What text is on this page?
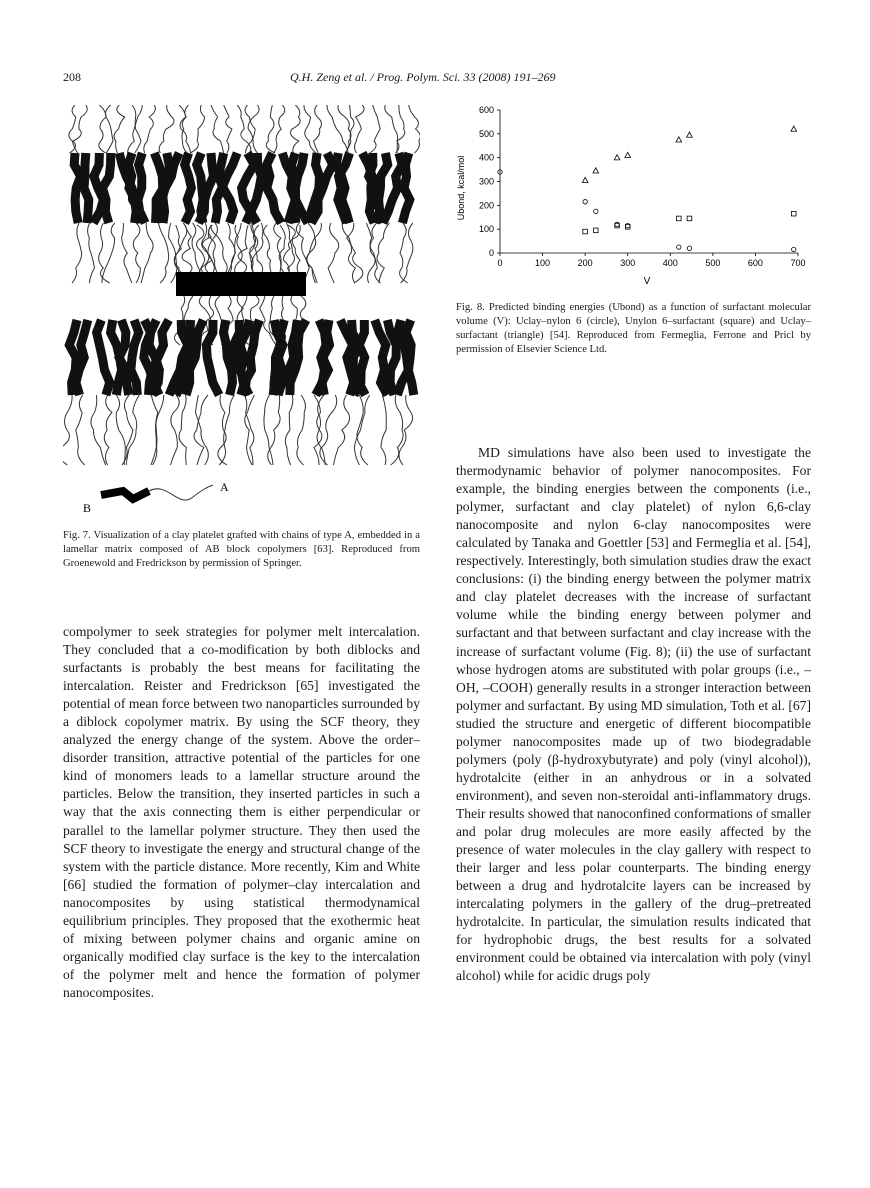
208	Q.H. Zeng et al. / Prog. Polym. Sci. 33 (2008) 191–269
A
B
Fig. 7. Visualization of a clay platelet grafted with chains of type A, embedded in a lamellar matrix composed of AB block copolymers [63]. Reproduced from Groenewold and Fredrickson by permission of Springer.
0	100	200	300	400	500	600	700
0
100
200
300
400
500
600
V
Ubond, kcal/mol
Fig. 8. Predicted binding energies (Ubond) as a function of surfactant molecular volume (V): Uclay–nylon 6 (circle), Unylon 6–surfactant (square) and Uclay–surfactant (triangle) [54]. Reproduced from Fermeglia, Ferrone and Pricl by permission of Elsevier Science Ltd.

compolymer to seek strategies for polymer melt intercalation. They concluded that a co-modification by both diblocks and surfactants is probably the best means for facilitating the intercalation. Reister and Fredrickson [65] investigated the potential of mean force between two nanoparticles surrounded by a diblock copolymer matrix. By using the SCF theory, they analyzed the energy change of the system. Above the order–disorder transition, attractive potential of the particles for one kind of monomers leads to a lamellar structure around the particles. Below the transition, they inserted particles in such a way that the axis connecting them is either perpendicular or parallel to the lamellar polymer structure. They then used the SCF theory to investigate the energy and structural change of the system with the particle distance. More recently, Kim and White [66] studied the formation of polymer–clay intercalation and nanocomposites by using statistical thermodynamical equilibrium principles. They proposed that the exothermic heat of mixing between polymer chains and organic amine on organically modified clay surface is the key to the intercalation of the polymer melt and hence the formation of polymer nanocomposites.

MD simulations have also been used to investigate the thermodynamic behavior of polymer nanocomposites. For example, the binding energies between the components (i.e., polymer, surfactant and clay platelet) of nylon 6,6-clay nanocomposite and nylon 6-clay nanocomposites were calculated by Tanaka and Goettler [53] and Fermeglia et al. [54], respectively. Interestingly, both simulation studies draw the exact conclusions: (i) the binding energy between the polymer matrix and clay platelet decreases with the increase of surfactant volume while the binding energy between polymer and surfactant and that between surfactant and clay increase with the increase of surfactant volume (Fig. 8); (ii) the use of surfactant whose hydrogen atoms are substituted with polar groups (i.e., –OH, –COOH) generally results in a stronger interaction between polymer and surfactant. By using MD simulation, Toth et al. [67] studied the structure and energetic of different biocompatible polymer nanocomposites made up of two biodegradable polymers (poly (β-hydroxybutyrate) and poly (vinyl alcohol)), hydrotalcite (either in an anhydrous or in a solvated environment), and seven non-steroidal anti-inflammatory drugs. Their results showed that nanoconfined conformations of smaller and polar drug molecules are more easily affected by the presence of water molecules in the clay gallery with respect to their larger and less polar counterparts. The binding energy between a drug and hydrotalcite layers can be increased by intercalating polymers in the gallery of the drug–pretreated hydrotalcite. In particular, the simulation results indicated that for hydrophobic drugs, the best results for a solvated environment could be obtained via intercalation with poly (vinyl alcohol) while for acidic drugs poly
